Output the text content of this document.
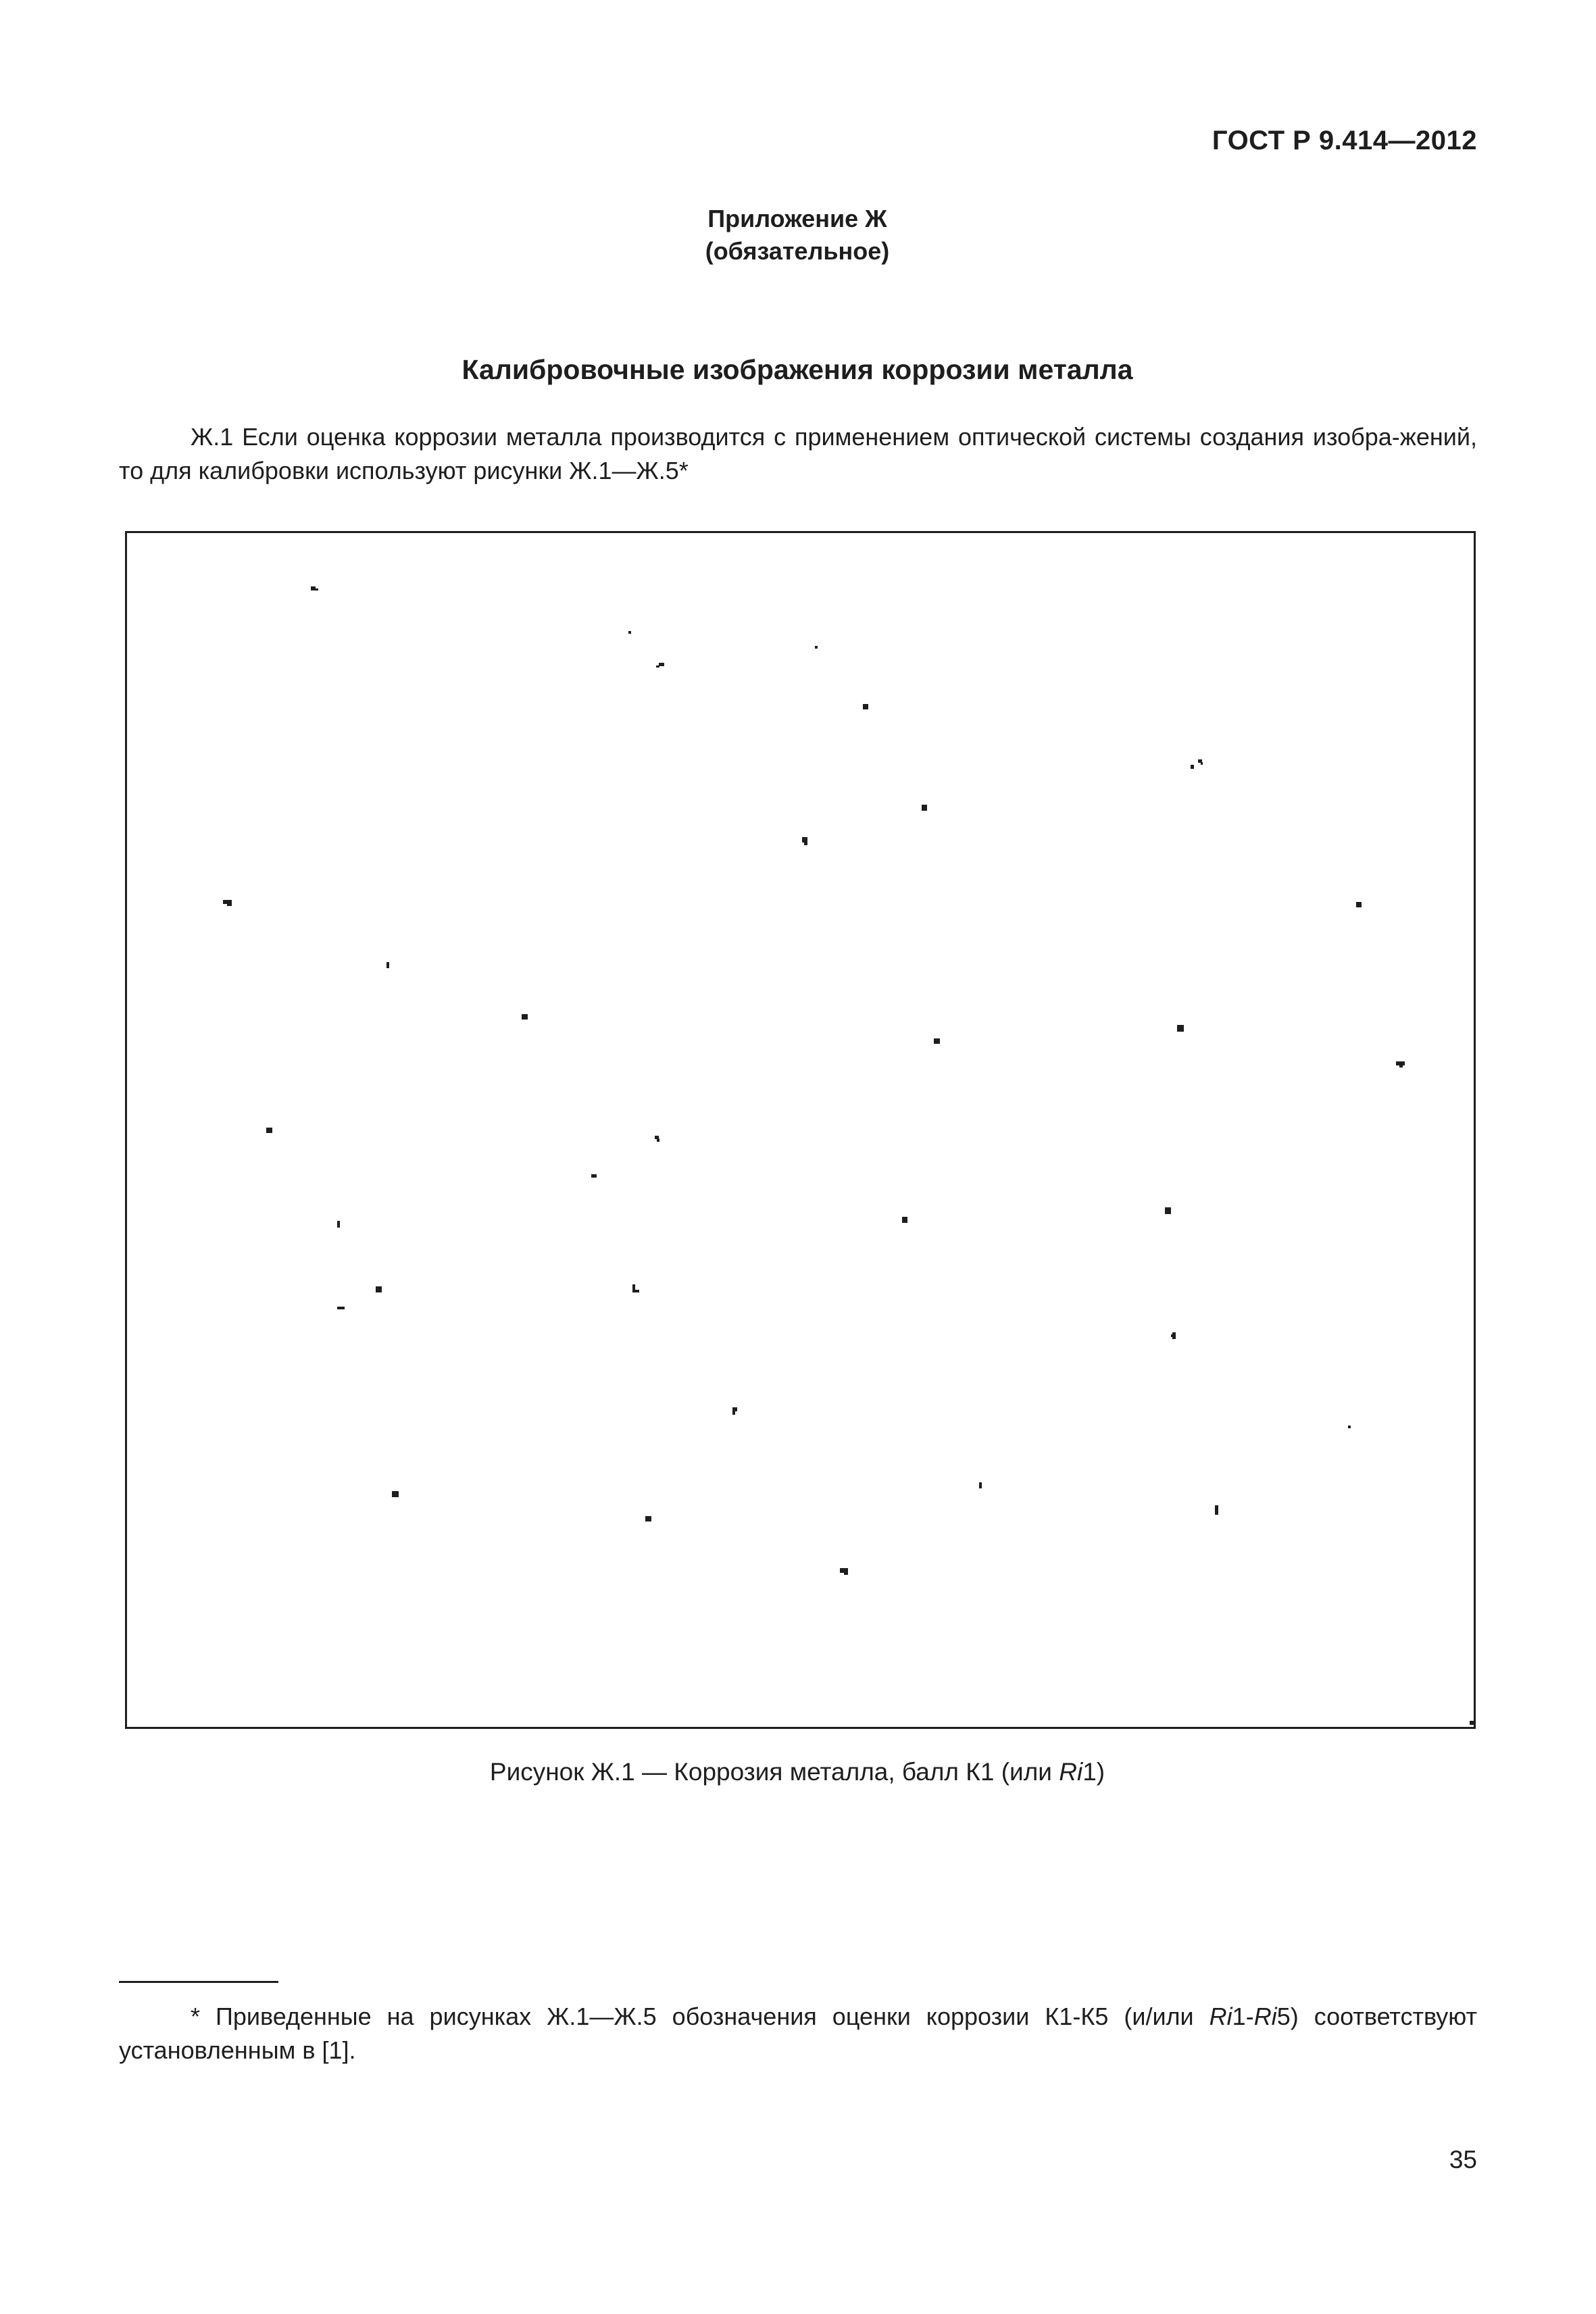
ГОСТ Р 9.414—2012
Приложение Ж
(обязательное)
Калибровочные изображения коррозии металла
Ж.1 Если оценка коррозии металла производится с применением оптической системы создания изобра-жений, то для калибровки используют рисунки Ж.1—Ж.5*
Рисунок Ж.1 — Коррозия металла, балл К1 (или Ri1)
* Приведенные на рисунках Ж.1—Ж.5 обозначения оценки коррозии К1-К5 (и/или Ri1-Ri5) соответствуют установленным в [1].
35
